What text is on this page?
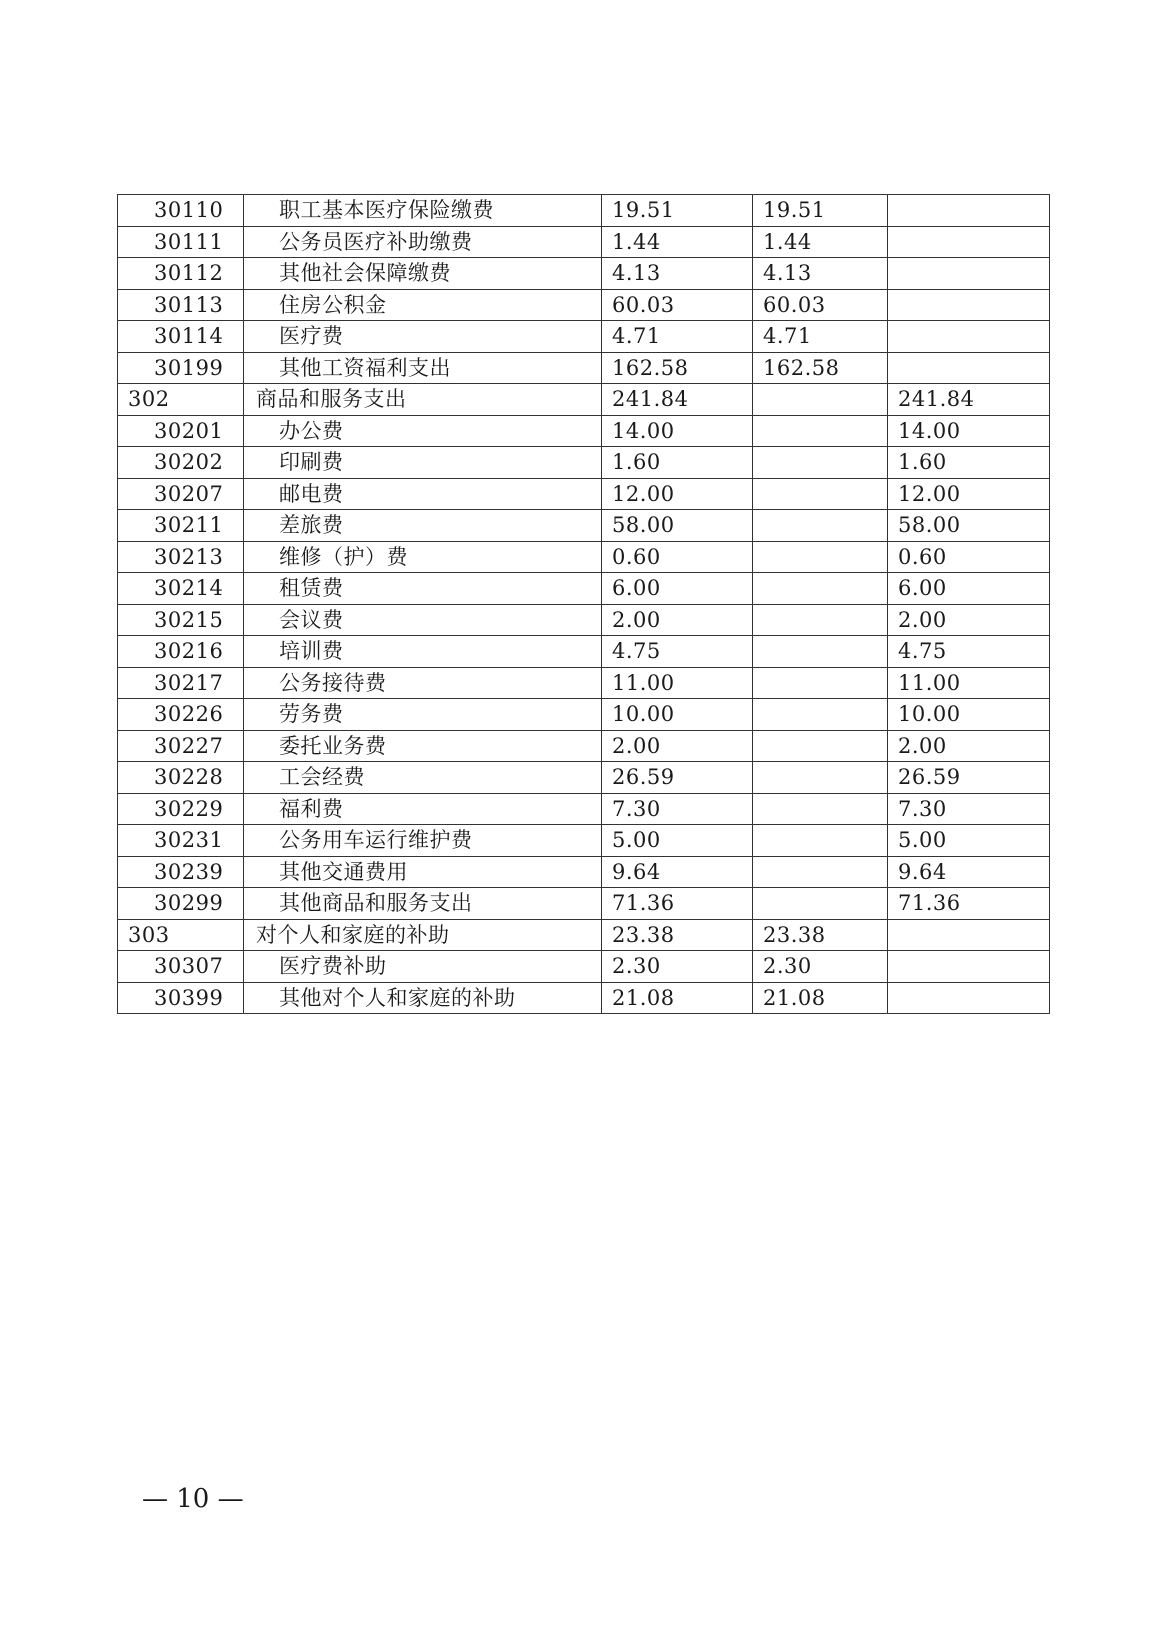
30110	职工基本医疗保险缴费	19.51	19.51	
30111	公务员医疗补助缴费	1.44	1.44	
30112	其他社会保障缴费	4.13	4.13	
30113	住房公积金	60.03	60.03	
30114	医疗费	4.71	4.71	
30199	其他工资福利支出	162.58	162.58	
302	商品和服务支出	241.84		241.84
30201	办公费	14.00		14.00
30202	印刷费	1.60		1.60
30207	邮电费	12.00		12.00
30211	差旅费	58.00		58.00
30213	维修（护）费	0.60		0.60
30214	租赁费	6.00		6.00
30215	会议费	2.00		2.00
30216	培训费	4.75		4.75
30217	公务接待费	11.00		11.00
30226	劳务费	10.00		10.00
30227	委托业务费	2.00		2.00
30228	工会经费	26.59		26.59
30229	福利费	7.30		7.30
30231	公务用车运行维护费	5.00		5.00
30239	其他交通费用	9.64		9.64
30299	其他商品和服务支出	71.36		71.36
303	对个人和家庭的补助	23.38	23.38	
30307	医疗费补助	2.30	2.30	
30399	其他对个人和家庭的补助	21.08	21.08	
— 10 —
